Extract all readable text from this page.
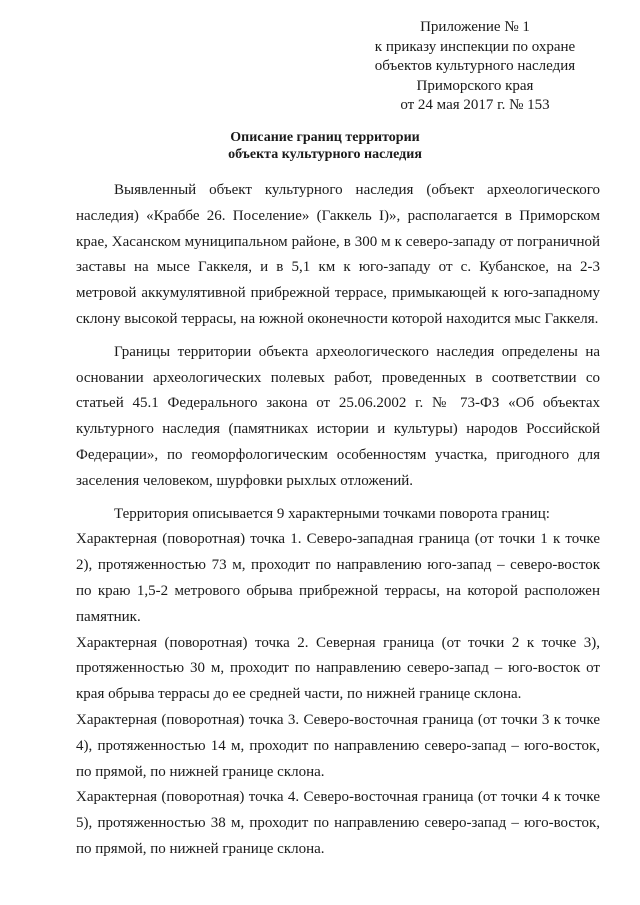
Приложение № 1
к приказу инспекции по охране
объектов культурного наследия
Приморского края
от 24 мая 2017 г. № 153
Описание границ территории
объекта культурного наследия

Выявленный объект культурного наследия (объект археологического наследия) «Краббе 26. Поселение» (Гаккель I)», располагается в Приморском крае, Хасанском муниципальном районе, в 300 м к северо-западу от пограничной заставы на мысе Гаккеля, и в 5,1 км к юго-западу от с. Кубанское, на 2-3 метровой аккумулятивной прибрежной террасе, примыкающей к юго-западному склону высокой террасы, на южной оконечности которой находится мыс Гаккеля.

Границы территории объекта археологического наследия определены на основании археологических полевых работ, проведенных в соответствии со статьей 45.1 Федерального закона от 25.06.2002 г. № 73-ФЗ «Об объектах культурного наследия (памятниках истории и культуры) народов Российской Федерации», по геоморфологическим особенностям участка, пригодного для заселения человеком, шурфовки рыхлых отложений.

Территория описывается 9 характерными точками поворота границ:

Характерная (поворотная) точка 1. Северо-западная граница (от точки 1 к точке 2), протяженностью 73 м, проходит по направлению юго-запад – северо-восток по краю 1,5-2 метрового обрыва прибрежной террасы, на которой расположен памятник.

Характерная (поворотная) точка 2. Северная граница (от точки 2 к точке 3), протяженностью 30 м, проходит по направлению северо-запад – юго-восток от края обрыва террасы до ее средней части, по нижней границе склона.

Характерная (поворотная) точка 3. Северо-восточная граница (от точки 3 к точке 4), протяженностью 14 м, проходит по направлению северо-запад – юго-восток, по прямой, по нижней границе склона.

Характерная (поворотная) точка 4. Северо-восточная граница (от точки 4 к точке 5), протяженностью 38 м, проходит по направлению северо-запад – юго-восток, по прямой, по нижней границе склона.
